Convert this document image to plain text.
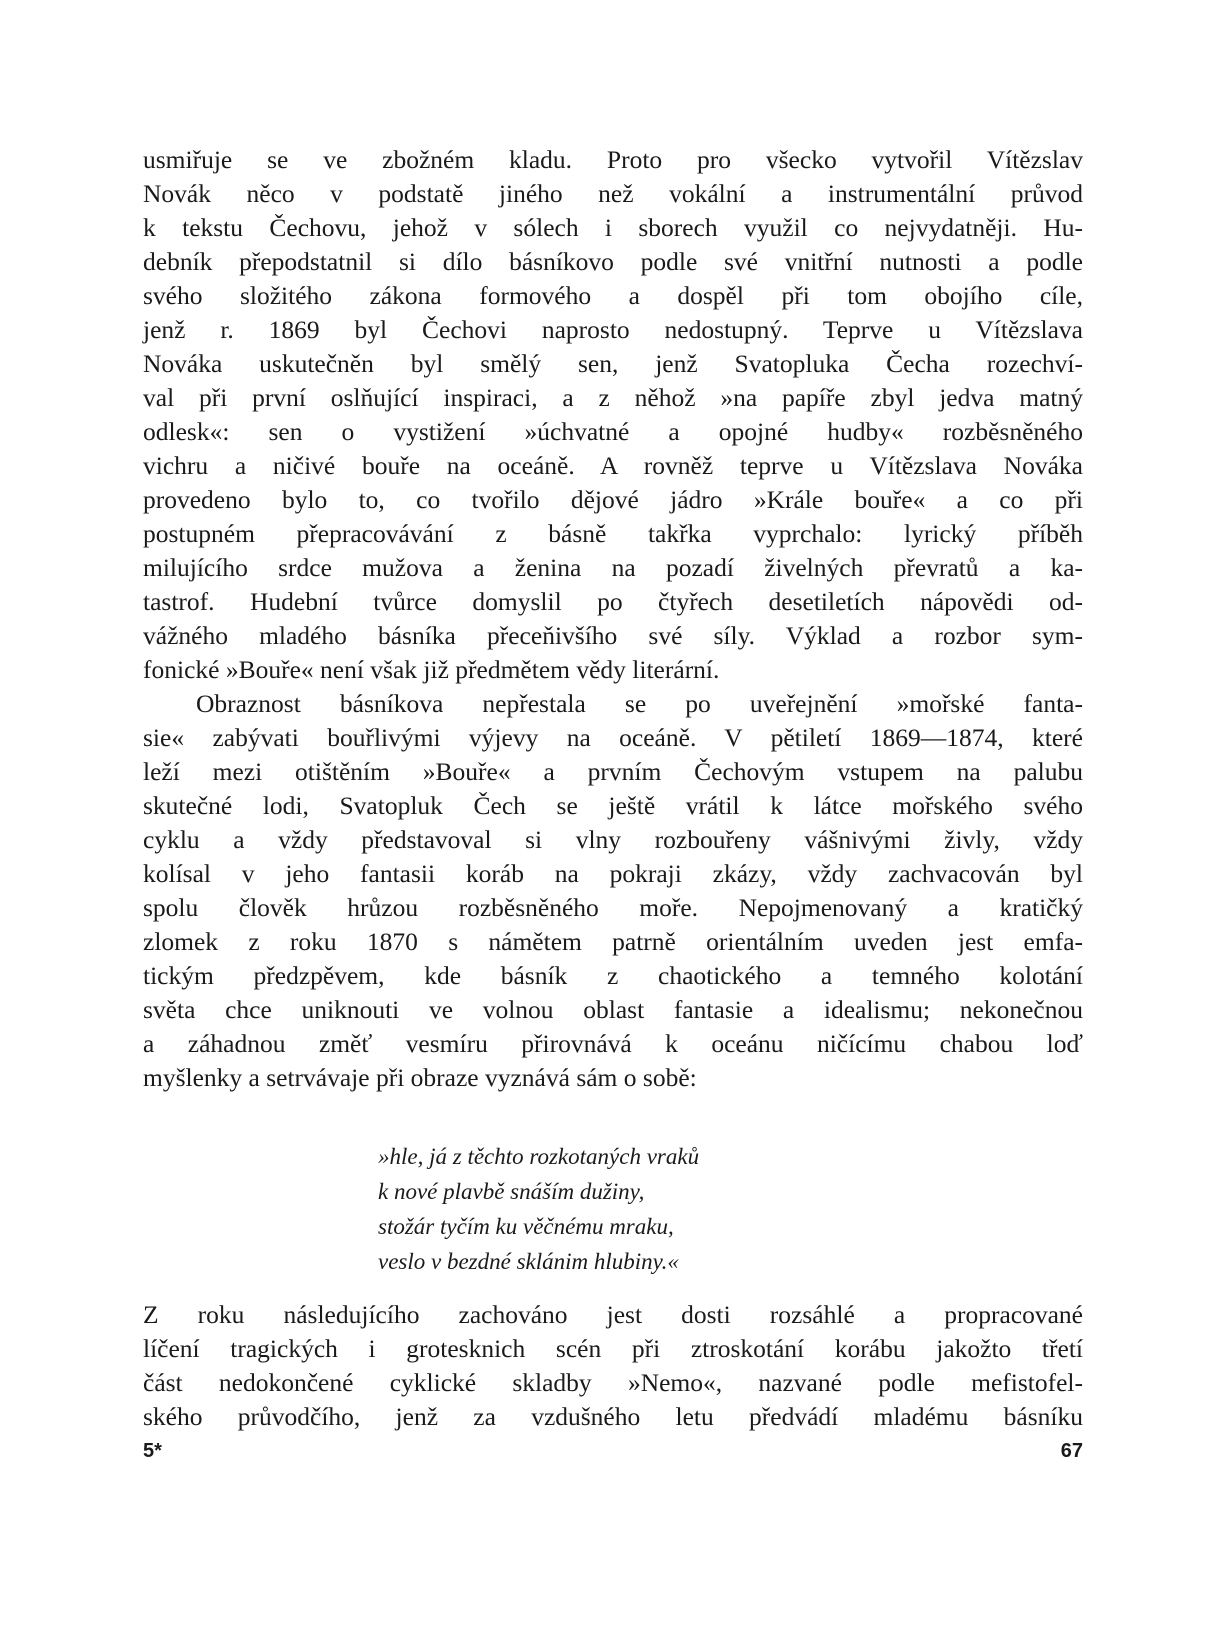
usmiřuje se ve zbožném kladu. Proto pro všecko vytvořil Vítězslav
Novák něco v podstatě jiného než vokální a instrumentální průvod
k tekstu Čechovu, jehož v sólech i sborech využil co nejvydatněji. Hu-
debník přepodstatnil si dílo básníkovo podle své vnitřní nutnosti a podle
svého složitého zákona formového a dospěl při tom obojího cíle,
jenž r. 1869 byl Čechovi naprosto nedostupný. Teprve u Vítězslava
Nováka uskutečněn byl smělý sen, jenž Svatopluka Čecha rozechví-
val při první oslňující inspiraci, a z něhož »na papíře zbyl jedva matný
odlesk«: sen o vystižení »úchvatné a opojné hudby« rozběsněného
vichru a ničivé bouře na oceáně. A rovněž teprve u Vítězslava Nováka
provedeno bylo to, co tvořilo dějové jádro »Krále bouře« a co při
postupném přepracovávání z básně takřka vyprchalo: lyrický příběh
milujícího srdce mužova a ženina na pozadí živelných převratů a ka-
tastrof. Hudební tvůrce domyslil po čtyřech desetiletích nápovědi od-
vážného mladého básníka přeceňivšího své síly. Výklad a rozbor sym-
fonické »Bouře« není však již předmětem vědy literární.
Obraznost básníkova nepřestala se po uveřejnění »mořské fanta-
sie« zabývati bouřlivými výjevy na oceáně. V pětiletí 1869—1874, které
leží mezi otištěním »Bouře« a prvním Čechovým vstupem na palubu
skutečné lodi, Svatopluk Čech se ještě vrátil k látce mořského svého
cyklu a vždy představoval si vlny rozbouřeny vášnivými živly, vždy
kolísal v jeho fantasii koráb na pokraji zkázy, vždy zachvacován byl
spolu člověk hrůzou rozběsněného moře. Nepojmenovaný a kratičký
zlomek z roku 1870 s námětem patrně orientálním uveden jest emfa-
tickým předzpěvem, kde básník z chaotického a temného kolotání
světa chce uniknouti ve volnou oblast fantasie a idealismu; nekonečnou
a záhadnou změť vesmíru přirovnává k oceánu ničícímu chabou loď
myšlenky a setrvávaje při obraze vyznává sám o sobě:
»hle, já z těchto rozkotaných vraků
k nové plavbě snáším dužiny,
stožár tyčím ku věčnému mraku,
veslo v bezdné sklánim hlubiny.«
Z roku následujícího zachováno jest dosti rozsáhlé a propracované
líčení tragických i grotesknich scén při ztroskotání korábu jakožto třetí
část nedokončené cyklické skladby »Nemo«, nazvané podle mefistofel-
ského průvodčího, jenž za vzdušného letu předvádí mladému básníku
5*	67
